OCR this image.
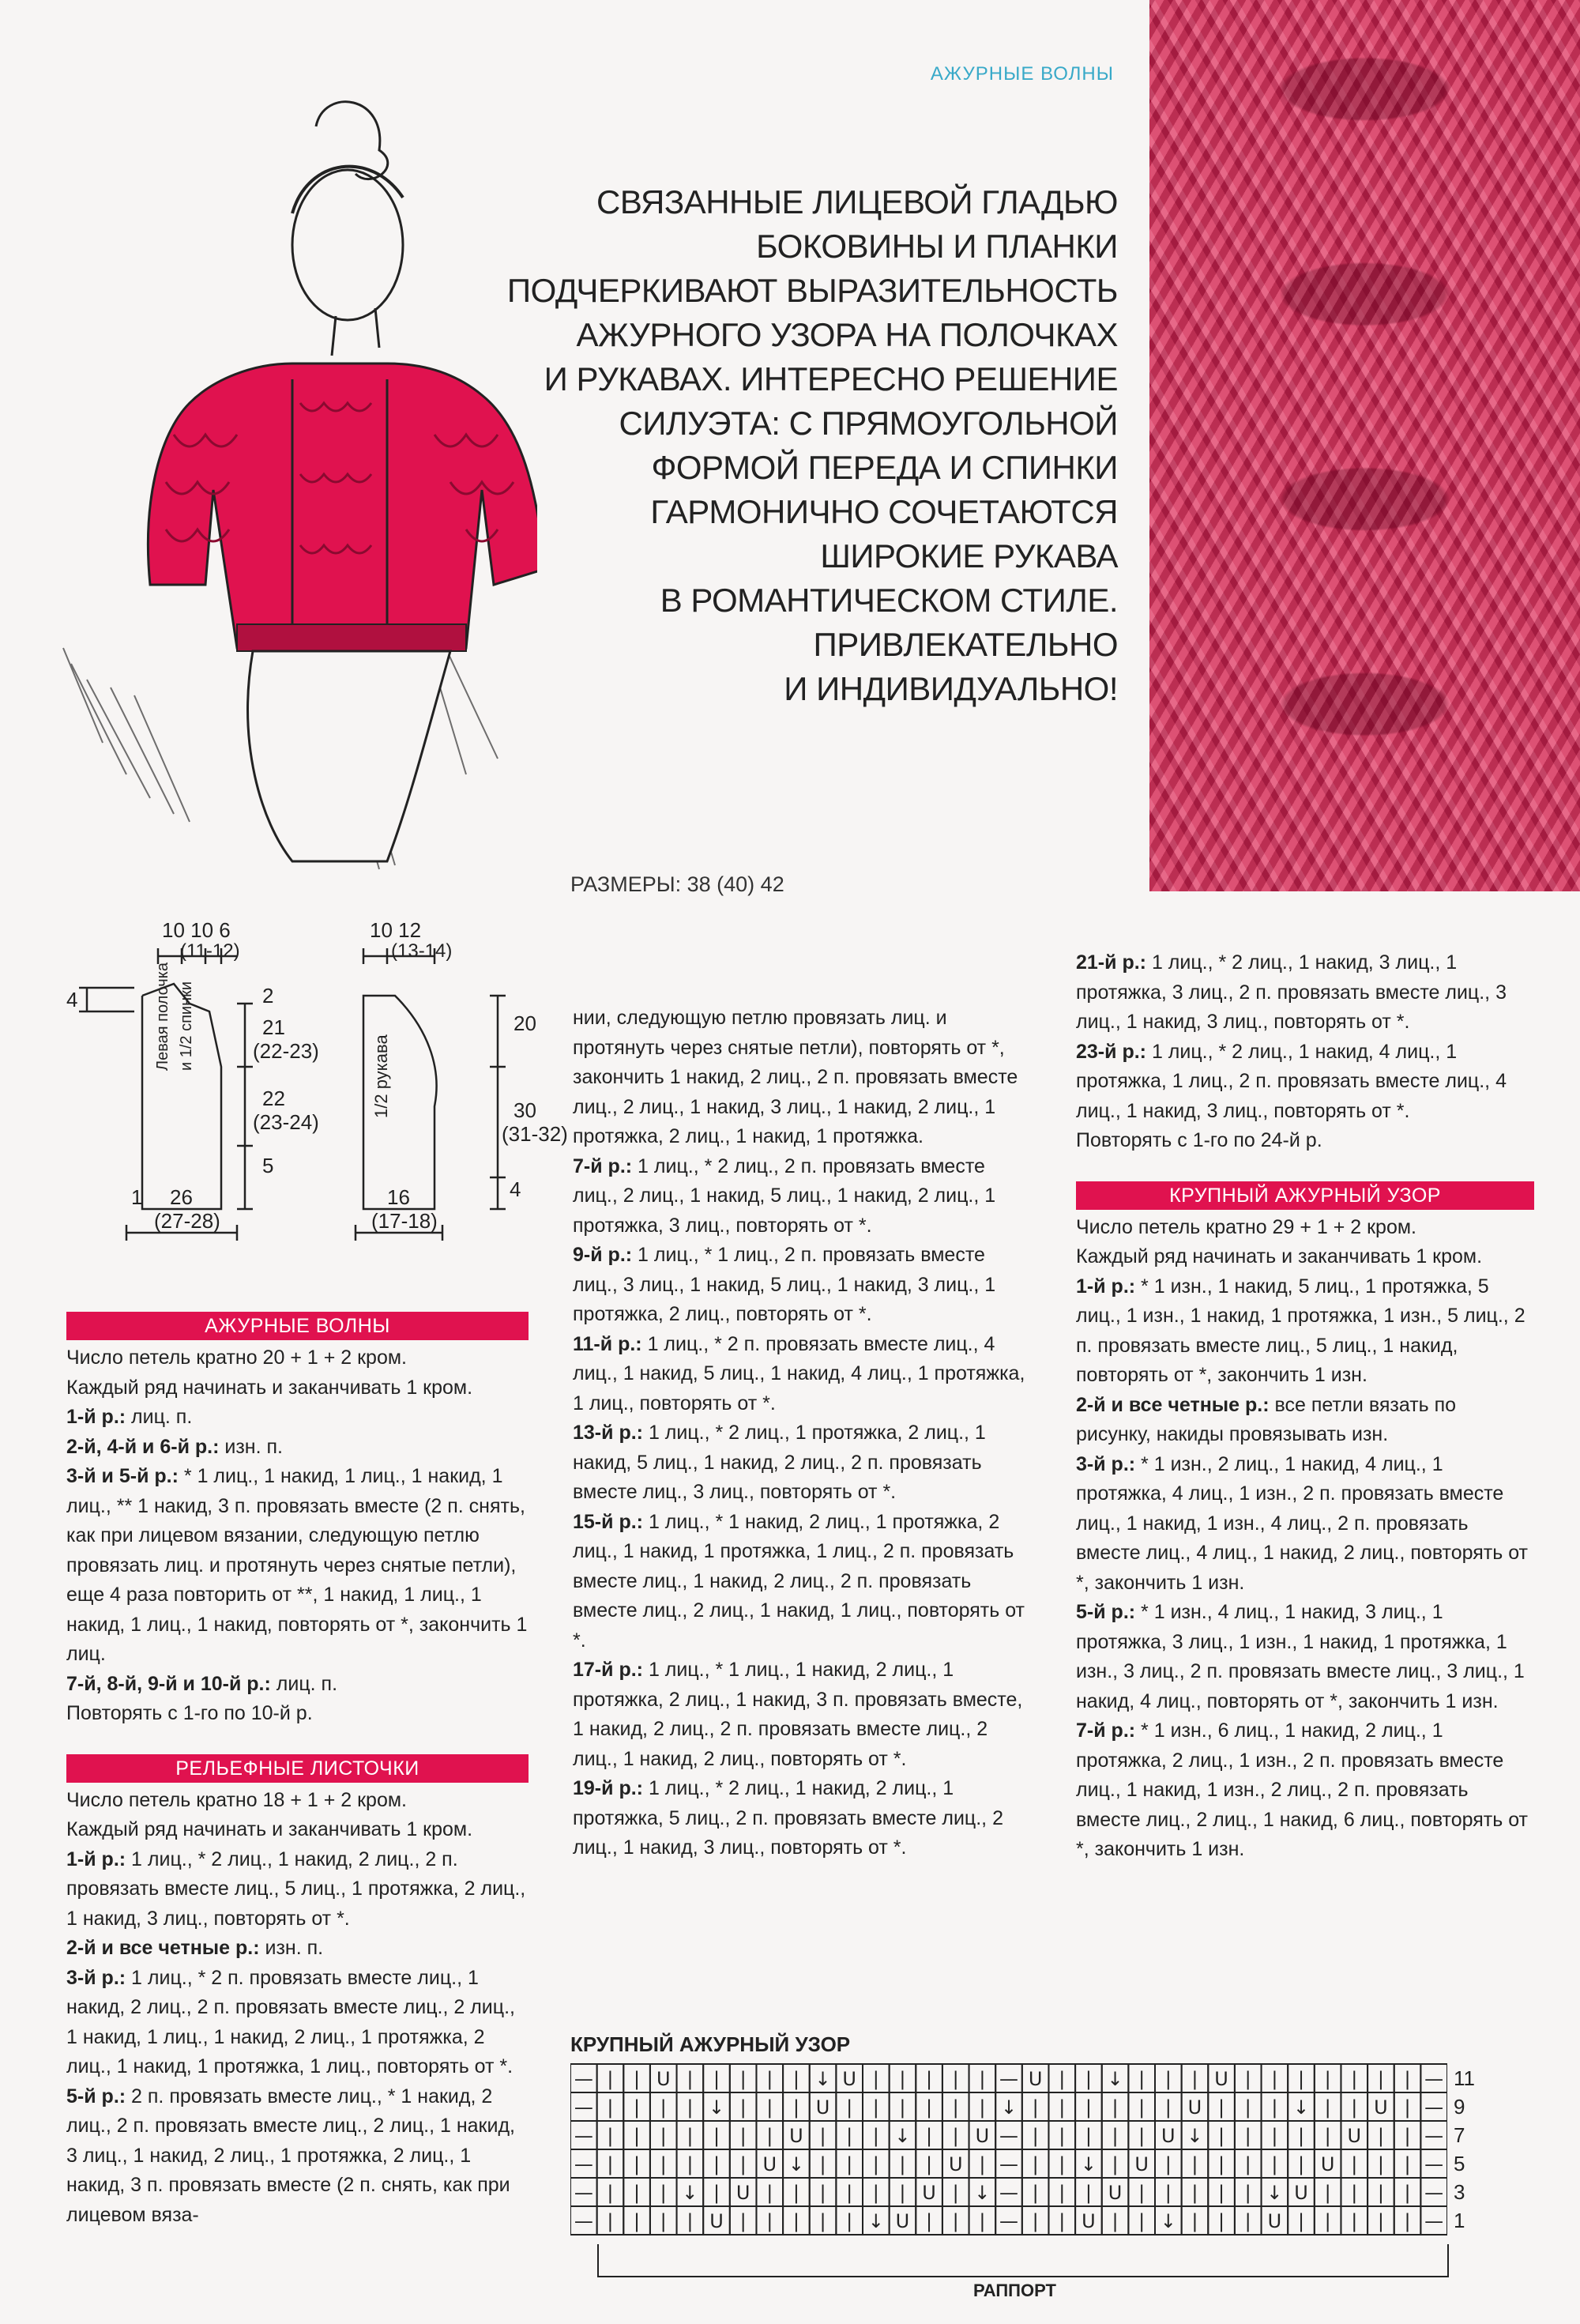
АЖУРНЫЕ ВОЛНЫ
СВЯЗАННЫЕ ЛИЦЕВОЙ ГЛАДЬЮ
БОКОВИНЫ И ПЛАНКИ
ПОДЧЕРКИВАЮТ ВЫРАЗИТЕЛЬНОСТЬ
АЖУРНОГО УЗОРА НА ПОЛОЧКАХ
И РУКАВАХ. ИНТЕРЕСНО РЕШЕНИЕ
СИЛУЭТА: С ПРЯМОУГОЛЬНОЙ
ФОРМОЙ ПЕРЕДА И СПИНКИ
ГАРМОНИЧНО СОЧЕТАЮТСЯ
ШИРОКИЕ РУКАВА
В РОМАНТИЧЕСКОМ СТИЛЕ.
ПРИВЛЕКАТЕЛЬНО
И ИНДИВИДУАЛЬНО!
10 10 6
(11-12)
4	2
21
(22-23)
22
(23-24)
5
1 26
(27-28)
Левая полочка и 1/2 спинки
1/2 рукава
10 12
(13-14)
20
30
(31-32)
4
16
(17-18)
РАЗМЕРЫ: 38 (40) 42
АЖУРНЫЕ ВОЛНЫ

Число петель кратно 20 + 1 + 2 кром.

Каждый ряд начинать и заканчивать 1 кром.

1-й р.: лиц. п.

2-й, 4-й и 6-й р.: изн. п.

3-й и 5-й р.: * 1 лиц., 1 накид, 1 лиц., 1 накид, 1 лиц., ** 1 накид, 3 п. провязать вместе (2 п. снять, как при лицевом вязании, следующую петлю провязать лиц. и протянуть через снятые петли), еще 4 раза повторить от **, 1 накид, 1 лиц., 1 накид, 1 лиц., 1 накид, повторять от *, закончить 1 лиц.

7-й, 8-й, 9-й и 10-й р.: лиц. п.

Повторять с 1-го по 10-й р.

РЕЛЬЕФНЫЕ ЛИСТОЧКИ

Число петель кратно 18 + 1 + 2 кром.

Каждый ряд начинать и заканчивать 1 кром.

1-й р.: 1 лиц., * 2 лиц., 1 накид, 2 лиц., 2 п. провязать вместе лиц., 5 лиц., 1 протяжка, 2 лиц., 1 накид, 3 лиц., повторять от *.

2-й и все четные р.: изн. п.

3-й р.: 1 лиц., * 2 п. провязать вместе лиц., 1 накид, 2 лиц., 2 п. провязать вместе лиц., 2 лиц., 1 накид, 1 лиц., 1 накид, 2 лиц., 1 протяжка, 2 лиц., 1 накид, 1 протяжка, 1 лиц., повторять от *.

5-й р.: 2 п. провязать вместе лиц., * 1 накид, 2 лиц., 2 п. провязать вместе лиц., 2 лиц., 1 накид, 3 лиц., 1 накид, 2 лиц., 1 протяжка, 2 лиц., 1 накид, 3 п. провязать вместе (2 п. снять, как при лицевом вяза-

нии, следующую петлю провязать лиц. и протянуть через снятые петли), повторять от *, закончить 1 накид, 2 лиц., 2 п. провязать вместе лиц., 2 лиц., 1 накид, 3 лиц., 1 накид, 2 лиц., 1 протяжка, 2 лиц., 1 накид, 1 протяжка.

7-й р.: 1 лиц., * 2 лиц., 2 п. провязать вместе лиц., 2 лиц., 1 накид, 5 лиц., 1 накид, 2 лиц., 1 протяжка, 3 лиц., повторять от *.

9-й р.: 1 лиц., * 1 лиц., 2 п. провязать вместе лиц., 3 лиц., 1 накид, 5 лиц., 1 накид, 3 лиц., 1 протяжка, 2 лиц., повторять от *.

11-й р.: 1 лиц., * 2 п. провязать вместе лиц., 4 лиц., 1 накид, 5 лиц., 1 накид, 4 лиц., 1 протяжка, 1 лиц., повторять от *.

13-й р.: 1 лиц., * 2 лиц., 1 протяжка, 2 лиц., 1 накид, 5 лиц., 1 накид, 2 лиц., 2 п. провязать вместе лиц., 3 лиц., повторять от *.

15-й р.: 1 лиц., * 1 накид, 2 лиц., 1 протяжка, 2 лиц., 1 накид, 1 протяжка, 1 лиц., 2 п. провязать вместе лиц., 1 накид, 2 лиц., 2 п. провязать вместе лиц., 2 лиц., 1 накид, 1 лиц., повторять от *.

17-й р.: 1 лиц., * 1 лиц., 1 накид, 2 лиц., 1 протяжка, 2 лиц., 1 накид, 3 п. провязать вместе, 1 накид, 2 лиц., 2 п. провязать вместе лиц., 2 лиц., 1 накид, 2 лиц., повторять от *.

19-й р.: 1 лиц., * 2 лиц., 1 накид, 2 лиц., 1 протяжка, 5 лиц., 2 п. провязать вместе лиц., 2 лиц., 1 накид, 3 лиц., повторять от *.

21-й р.: 1 лиц., * 2 лиц., 1 накид, 3 лиц., 1 протяжка, 3 лиц., 2 п. провязать вместе лиц., 3 лиц., 1 накид, 3 лиц., повторять от *.

23-й р.: 1 лиц., * 2 лиц., 1 накид, 4 лиц., 1 протяжка, 1 лиц., 2 п. провязать вместе лиц., 4 лиц., 1 накид, 3 лиц., повторять от *.

Повторять с 1-го по 24-й р.

КРУПНЫЙ АЖУРНЫЙ УЗОР

Число петель кратно 29 + 1 + 2 кром.

Каждый ряд начинать и заканчивать 1 кром.

1-й р.: * 1 изн., 1 накид, 5 лиц., 1 протяжка, 5 лиц., 1 изн., 1 накид, 1 протяжка, 1 изн., 5 лиц., 2 п. провязать вместе лиц., 5 лиц., 1 накид, повторять от *, закончить 1 изн.

2-й и все четные р.: все петли вязать по рисунку, накиды провязывать изн.

3-й р.: * 1 изн., 2 лиц., 1 накид, 4 лиц., 1 протяжка, 4 лиц., 1 изн., 2 п. провязать вместе лиц., 1 накид, 1 изн., 4 лиц., 2 п. провязать вместе лиц., 4 лиц., 1 накид, 2 лиц., повторять от *, закончить 1 изн.

5-й р.: * 1 изн., 4 лиц., 1 накид, 3 лиц., 1 протяжка, 3 лиц., 1 изн., 1 накид, 1 протяжка, 1 изн., 3 лиц., 2 п. провязать вместе лиц., 3 лиц., 1 накид, 4 лиц., повторять от *, закончить 1 изн.

7-й р.: * 1 изн., 6 лиц., 1 накид, 2 лиц., 1 протяжка, 2 лиц., 1 изн., 2 п. провязать вместе лиц., 1 накид, 1 изн., 2 лиц., 2 п. провязать вместе лиц., 2 лиц., 1 накид, 6 лиц., повторять от *, закончить 1 изн.

КРУПНЫЙ АЖУРНЫЙ УЗОР
— | | U | | | | | ↓ U | | | | | — U | | ↓ | | | U | | | | | | | —
— | | | | ↓ | | | U | | | | | | ↓ | | | | | | U | | | ↓ | | U | —
— | | | | | | | U | | | ↓ | | U — | | | | | U ↓ | | | | | U | | —
— | | | | | | U ↓ | | | | | U | — | | ↓ | U | | | | | | U | | | —
— | | | ↓ | U | | | | | | U | ↓ — | | | U | | | | | ↓ U | | | | —
— | | | | U | | | | | ↓ U | | | — | | U | | ↓ | | | U | | | | | —
11
9
7
5
3
1
РАППОРТ
